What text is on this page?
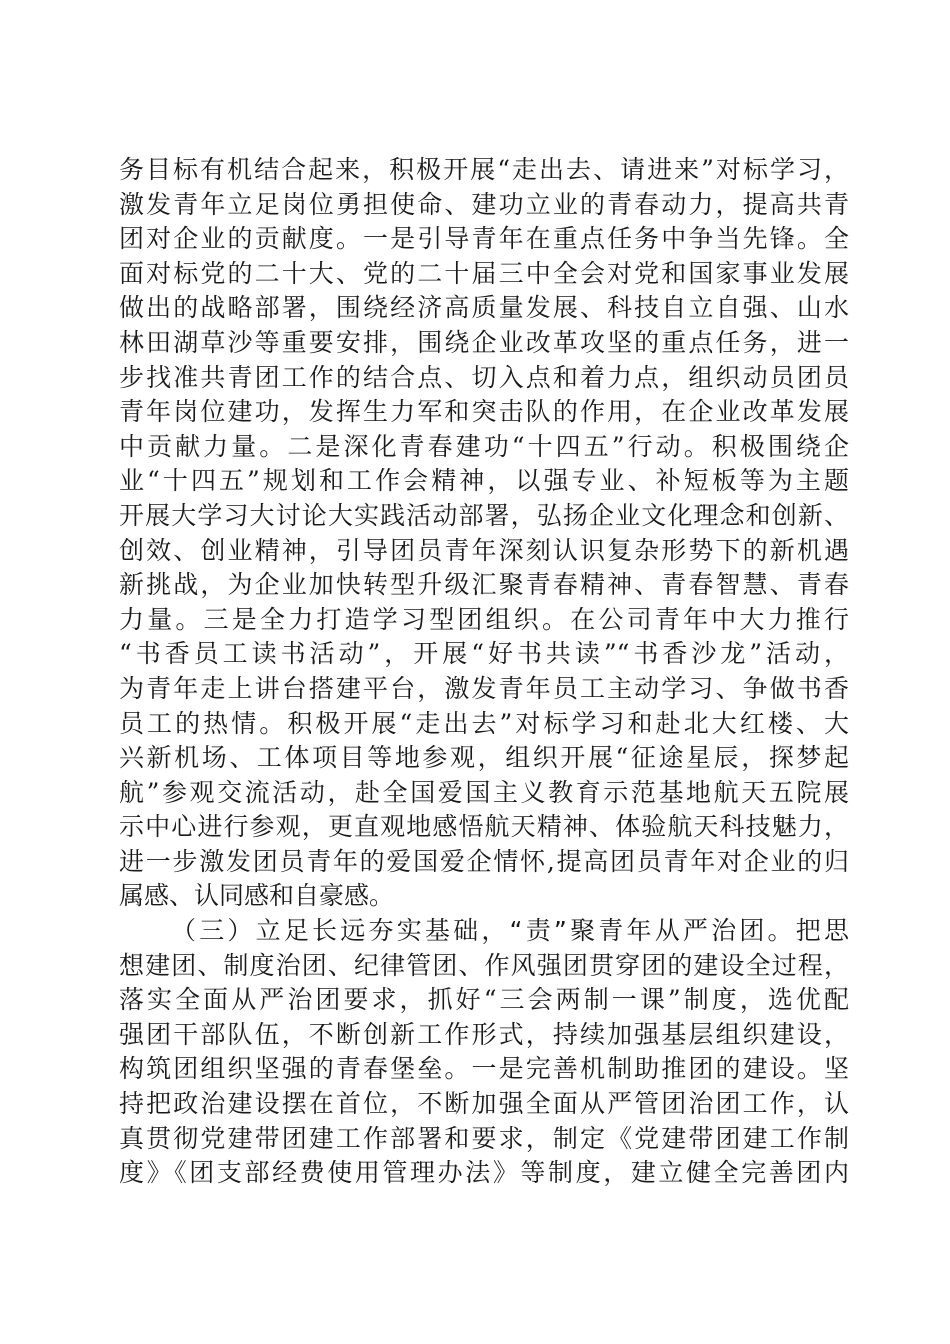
务目标有机结合起来，积极开展“走出去、请进来”对标学习，
激发青年立足岗位勇担使命、建功立业的青春动力，提高共青
团对企业的贡献度。一是引导青年在重点任务中争当先锋。全
面对标党的二十大、党的二十届三中全会对党和国家事业发展
做出的战略部署，围绕经济高质量发展、科技自立自强、山水
林田湖草沙等重要安排，围绕企业改革攻坚的重点任务，进一
步找准共青团工作的结合点、切入点和着力点，组织动员团员
青年岗位建功，发挥生力军和突击队的作用，在企业改革发展
中贡献力量。二是深化青春建功“十四五”行动。积极围绕企
业“十四五”规划和工作会精神，以强专业、补短板等为主题
开展大学习大讨论大实践活动部署，弘扬企业文化理念和创新、
创效、创业精神，引导团员青年深刻认识复杂形势下的新机遇
新挑战，为企业加快转型升级汇聚青春精神、青春智慧、青春
力量。三是全力打造学习型团组织。在公司青年中大力推行
“书香员工读书活动”，开展“好书共读”“书香沙龙”活动，
为青年走上讲台搭建平台，激发青年员工主动学习、争做书香
员工的热情。积极开展“走出去”对标学习和赴北大红楼、大
兴新机场、工体项目等地参观，组织开展“征途星辰，探梦起
航”参观交流活动，赴全国爱国主义教育示范基地航天五院展
示中心进行参观，更直观地感悟航天精神、体验航天科技魅力，
进一步激发团员青年的爱国爱企情怀,提高团员青年对企业的归
属感、认同感和自豪感。
（三）立足长远夯实基础，“责”聚青年从严治团。把思
想建团、制度治团、纪律管团、作风强团贯穿团的建设全过程，
落实全面从严治团要求，抓好“三会两制一课”制度，选优配
强团干部队伍，不断创新工作形式，持续加强基层组织建设，
构筑团组织坚强的青春堡垒。一是完善机制助推团的建设。坚
持把政治建设摆在首位，不断加强全面从严管团治团工作，认
真贯彻党建带团建工作部署和要求，制定《党建带团建工作制
度》《团支部经费使用管理办法》等制度，建立健全完善团内
